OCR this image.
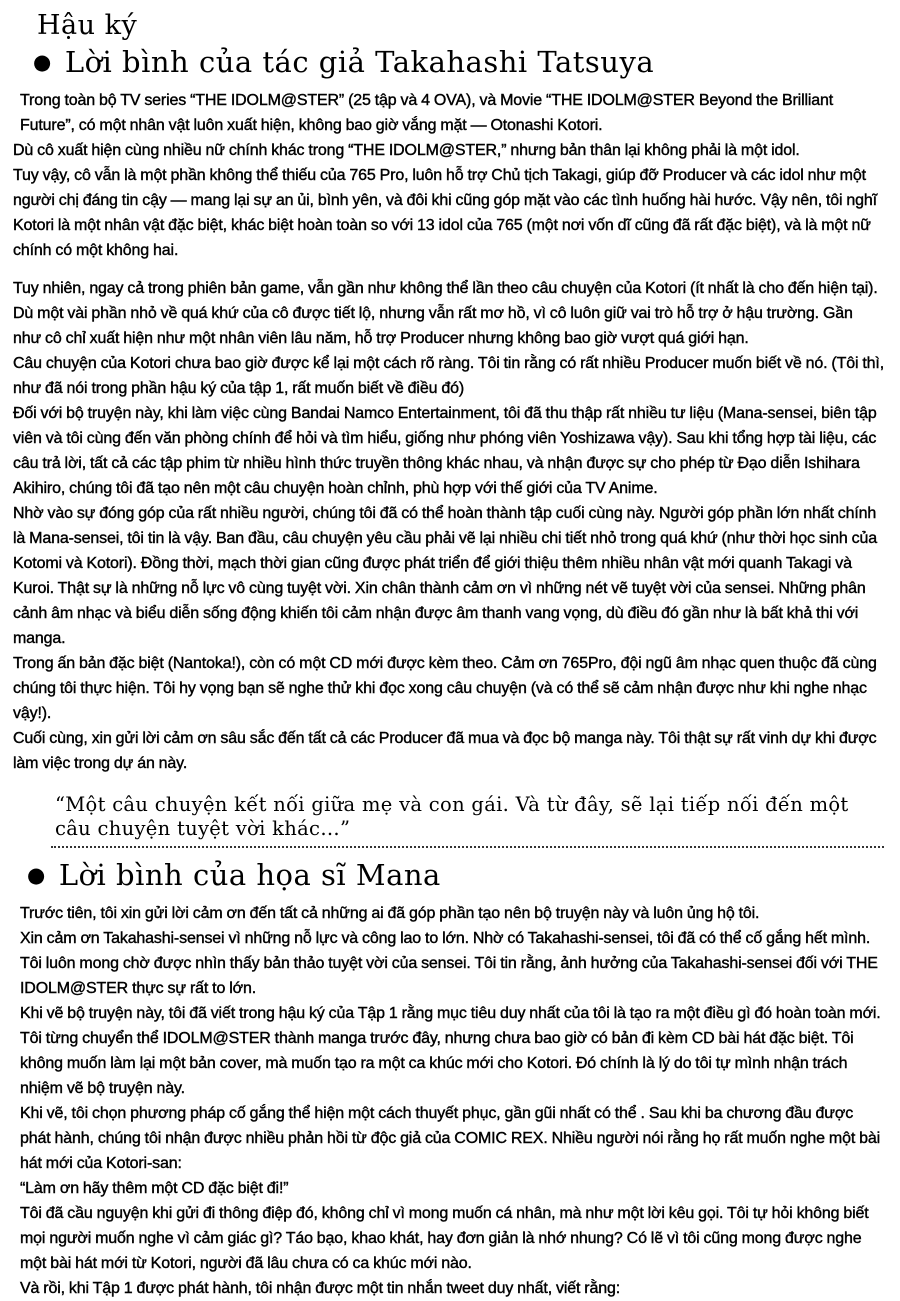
Hậu ký
● Lời bình của tác giả Takahashi Tatsuya

Trong toàn bộ TV series “THE IDOLM@STER” (25 tập và 4 OVA), và Movie “THE IDOLM@STER Beyond the Brilliant Future”, có một nhân vật luôn xuất hiện, không bao giờ vắng mặt — Otonashi Kotori.

Dù cô xuất hiện cùng nhiều nữ chính khác trong “THE IDOLM@STER,” nhưng bản thân lại không phải là một idol.

Tuy vậy, cô vẫn là một phần không thể thiếu của 765 Pro, luôn hỗ trợ Chủ tịch Takagi, giúp đỡ Producer và các idol như một người chị đáng tin cậy — mang lại sự an ủi, bình yên, và đôi khi cũng góp mặt vào các tình huống hài hước. Vậy nên, tôi nghĩ Kotori là một nhân vật đặc biệt, khác biệt hoàn toàn so với 13 idol của 765 (một nơi vốn dĩ cũng đã rất đặc biệt), và là một nữ chính có một không hai.

Tuy nhiên, ngay cả trong phiên bản game, vẫn gần như không thể lần theo câu chuyện của Kotori (ít nhất là cho đến hiện tại). Dù một vài phần nhỏ về quá khứ của cô được tiết lộ, nhưng vẫn rất mơ hồ, vì cô luôn giữ vai trò hỗ trợ ở hậu trường. Gần như cô chỉ xuất hiện như một nhân viên lâu năm, hỗ trợ Producer nhưng không bao giờ vượt quá giới hạn.

Câu chuyện của Kotori chưa bao giờ được kể lại một cách rõ ràng. Tôi tin rằng có rất nhiều Producer muốn biết về nó. (Tôi thì, như đã nói trong phần hậu ký của tập 1, rất muốn biết về điều đó)

Đối với bộ truyện này, khi làm việc cùng Bandai Namco Entertainment, tôi đã thu thập rất nhiều tư liệu (Mana-sensei, biên tập viên và tôi cùng đến văn phòng chính để hỏi và tìm hiểu, giống như phóng viên Yoshizawa vậy). Sau khi tổng hợp tài liệu, các câu trả lời, tất cả các tập phim từ nhiều hình thức truyền thông khác nhau, và nhận được sự cho phép từ Đạo diễn Ishihara Akihiro, chúng tôi đã tạo nên một câu chuyện hoàn chỉnh, phù hợp với thế giới của TV Anime.

Nhờ vào sự đóng góp của rất nhiều người, chúng tôi đã có thể hoàn thành tập cuối cùng này. Người góp phần lớn nhất chính là Mana-sensei, tôi tin là vậy. Ban đầu, câu chuyện yêu cầu phải vẽ lại nhiều chi tiết nhỏ trong quá khứ (như thời học sinh của Kotomi và Kotori). Đồng thời, mạch thời gian cũng được phát triển để giới thiệu thêm nhiều nhân vật mới quanh Takagi và Kuroi. Thật sự là những nỗ lực vô cùng tuyệt vời. Xin chân thành cảm ơn vì những nét vẽ tuyệt vời của sensei. Những phân cảnh âm nhạc và biểu diễn sống động khiến tôi cảm nhận được âm thanh vang vọng, dù điều đó gần như là bất khả thi với manga.

Trong ấn bản đặc biệt (Nantoka!), còn có một CD mới được kèm theo. Cảm ơn 765Pro, đội ngũ âm nhạc quen thuộc đã cùng chúng tôi thực hiện. Tôi hy vọng bạn sẽ nghe thử khi đọc xong câu chuyện (và có thể sẽ cảm nhận được như khi nghe nhạc vậy!).

Cuối cùng, xin gửi lời cảm ơn sâu sắc đến tất cả các Producer đã mua và đọc bộ manga này. Tôi thật sự rất vinh dự khi được làm việc trong dự án này.

“Một câu chuyện kết nối giữa mẹ và con gái. Và từ đây, sẽ lại tiếp nối đến một câu chuyện tuyệt vời khác…”
● Lời bình của họa sĩ Mana

Trước tiên, tôi xin gửi lời cảm ơn đến tất cả những ai đã góp phần tạo nên bộ truyện này và luôn ủng hộ tôi.

Xin cảm ơn Takahashi-sensei vì những nỗ lực và công lao to lớn. Nhờ có Takahashi-sensei, tôi đã có thể cố gắng hết mình. Tôi luôn mong chờ được nhìn thấy bản thảo tuyệt vời của sensei. Tôi tin rằng, ảnh hưởng của Takahashi-sensei đối với THE IDOLM@STER thực sự rất to lớn.

Khi vẽ bộ truyện này, tôi đã viết trong hậu ký của Tập 1 rằng mục tiêu duy nhất của tôi là tạo ra một điều gì đó hoàn toàn mới. Tôi từng chuyển thể IDOLM@STER thành manga trước đây, nhưng chưa bao giờ có bản đi kèm CD bài hát đặc biệt. Tôi không muốn làm lại một bản cover, mà muốn tạo ra một ca khúc mới cho Kotori. Đó chính là lý do tôi tự mình nhận trách nhiệm vẽ bộ truyện này.

Khi vẽ, tôi chọn phương pháp cố gắng thể hiện một cách thuyết phục, gần gũi nhất có thể . Sau khi ba chương đầu được phát hành, chúng tôi nhận được nhiều phản hồi từ độc giả của COMIC REX. Nhiều người nói rằng họ rất muốn nghe một bài hát mới của Kotori-san:

“Làm ơn hãy thêm một CD đặc biệt đi!”

Tôi đã cầu nguyện khi gửi đi thông điệp đó, không chỉ vì mong muốn cá nhân, mà như một lời kêu gọi. Tôi tự hỏi không biết mọi người muốn nghe vì cảm giác gì? Táo bạo, khao khát, hay đơn giản là nhớ nhung? Có lẽ vì tôi cũng mong được nghe một bài hát mới từ Kotori, người đã lâu chưa có ca khúc mới nào.

Và rồi, khi Tập 1 được phát hành, tôi nhận được một tin nhắn tweet duy nhất, viết rằng:
